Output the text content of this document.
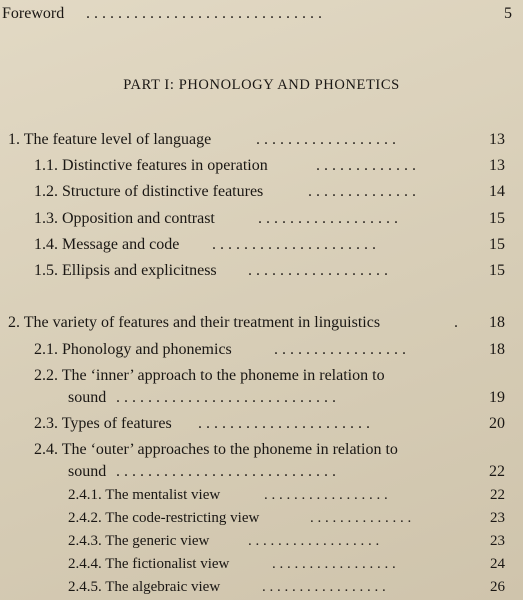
Foreword . . . . . . . . . . . . . . . . . . . . . . . . . . . . . .	5
PART I: PHONOLOGY AND PHONETICS
1. The feature level of language	. . . . . . . . . . . . . . . . . .	13
1.1. Distinctive features in operation	. . . . . . . . . . . . .	13
1.2. Structure of distinctive features	. . . . . . . . . . . . . .	14
1.3. Opposition and contrast	. . . . . . . . . . . . . . . . . .	15
1.4. Message and code . . . . . . . . . . . . . . . . . . . . .	15
1.5. Ellipsis and explicitness . . . . . . . . . . . . . . . . . .	15
2. The variety of features and their treatment in linguistics	.	18
2.1. Phonology and phonemics	. . . . . . . . . . . . . . . . .	18
2.2. The ‘inner’ approach to the phoneme in relation to
sound . . . . . . . . . . . . . . . . . . . . . . . . . . . .	19
2.3. Types of features . . . . . . . . . . . . . . . . . . . . . .	20
2.4. The ‘outer’ approaches to the phoneme in relation to
sound . . . . . . . . . . . . . . . . . . . . . . . . . . . .	22
2.4.1. The mentalist view	. . . . . . . . . . . . . . . . .	22
2.4.2. The code-restricting view	. . . . . . . . . . . . . .	23
2.4.3. The generic view	. . . . . . . . . . . . . . . . . .	23
2.4.4. The fictionalist view	. . . . . . . . . . . . . . . . .	24
2.4.5. The algebraic view	. . . . . . . . . . . . . . . . .	26
